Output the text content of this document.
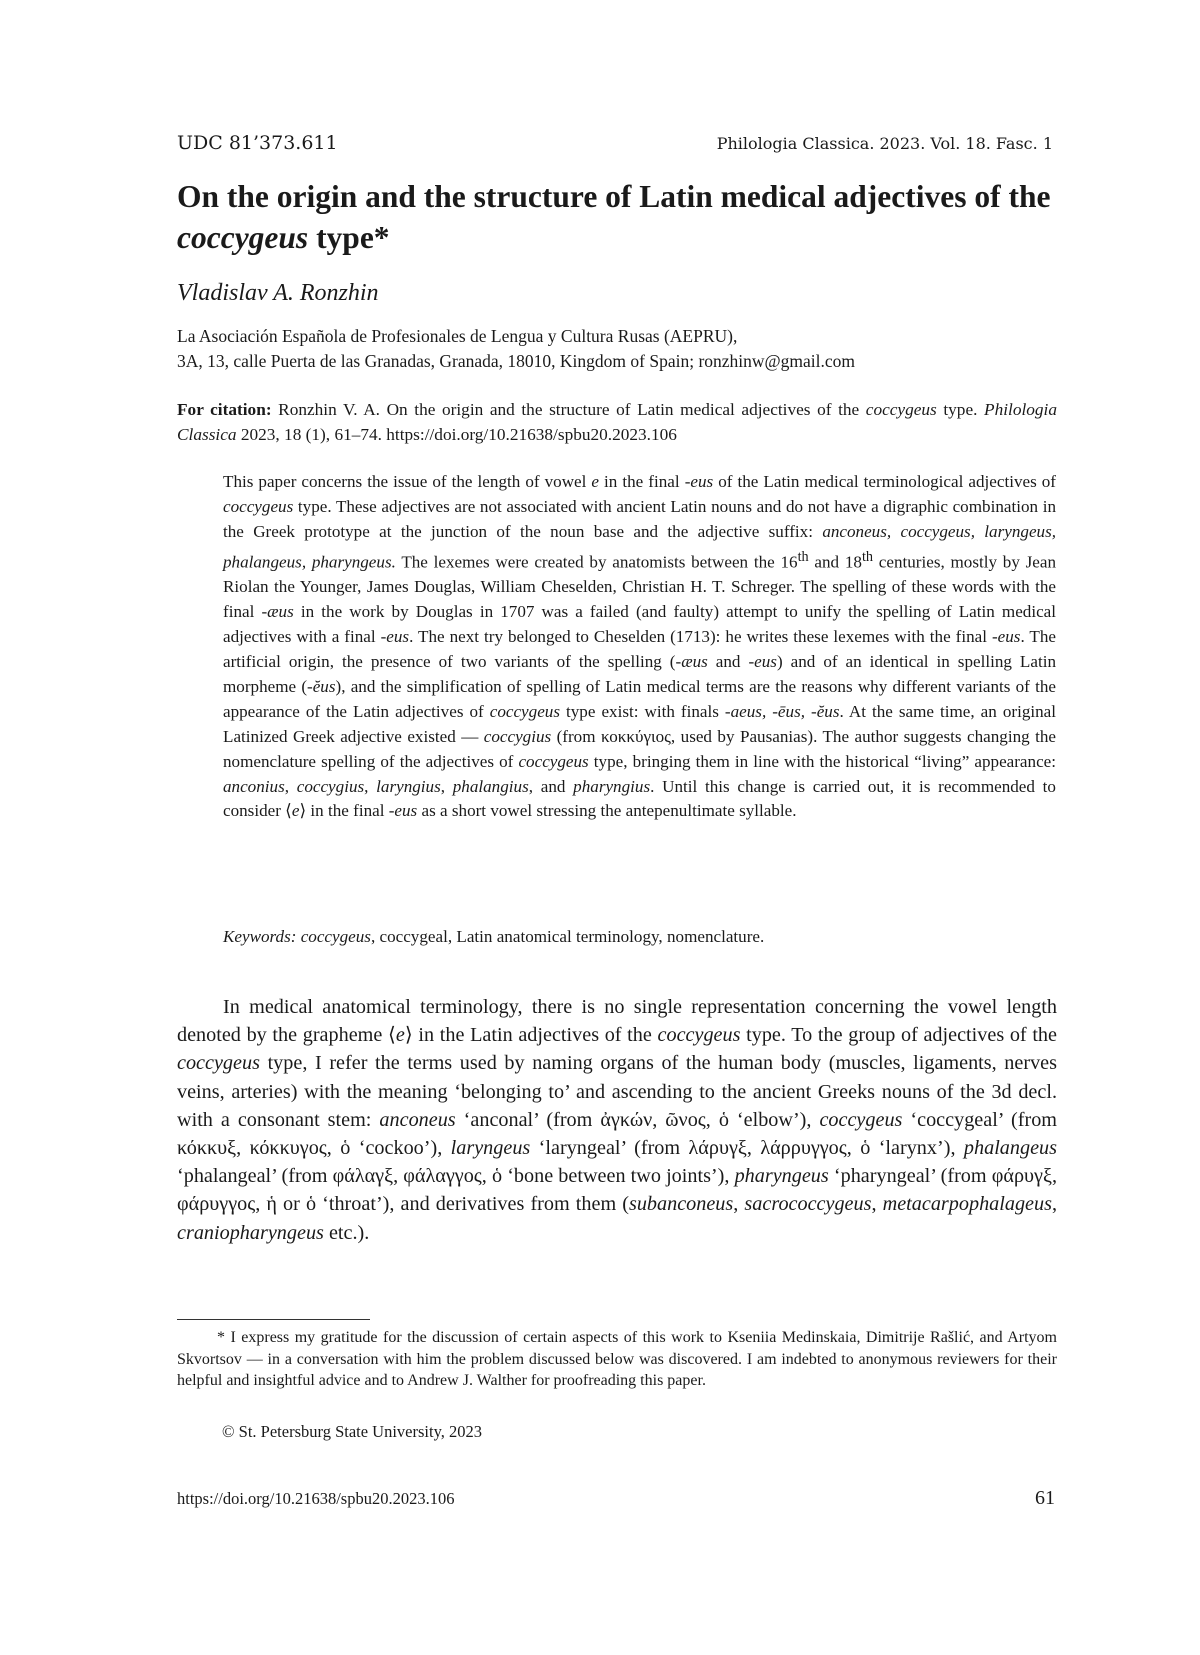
UDC 81’373.611	Philologia Classica. 2023. Vol. 18. Fasc. 1
On the origin and the structure of Latin medical adjectives of the coccygeus type*
Vladislav A. Ronzhin
La Asociación Española de Profesionales de Lengua y Cultura Rusas (AEPRU),
3A, 13, calle Puerta de las Granadas, Granada, 18010, Kingdom of Spain; ronzhinw@gmail.com
For citation: Ronzhin V. A. On the origin and the structure of Latin medical adjectives of the coccygeus type. Philologia Classica 2023, 18 (1), 61–74. https://doi.org/10.21638/spbu20.2023.106

This paper concerns the issue of the length of vowel e in the final -eus of the Latin medical terminological adjectives of coccygeus type. These adjectives are not associated with ancient Latin nouns and do not have a digraphic combination in the Greek prototype at the junction of the noun base and the adjective suffix: anconeus, coccygeus, laryngeus, phalangeus, pharyngeus. The lexemes were created by anatomists between the 16th and 18th centuries, mostly by Jean Riolan the Younger, James Douglas, William Cheselden, Christian H. T. Schreger. The spelling of these words with the final -æus in the work by Douglas in 1707 was a failed (and faulty) attempt to unify the spelling of Latin medical adjectives with a final -eus. The next try belonged to Cheselden (1713): he writes these lexemes with the final -eus. The artificial origin, the presence of two variants of the spelling (-æus and -eus) and of an identical in spelling Latin morpheme (-ĕus), and the simplification of spelling of Latin medical terms are the reasons why different variants of the appearance of the Latin adjectives of coccygeus type exist: with finals -aeus, -ēus, -ĕus. At the same time, an original Latinized Greek adjective existed — coccygius (from κοκκύγιος, used by Pausanias). The author suggests changing the nomenclature spelling of the adjectives of coccygeus type, bringing them in line with the historical “living” appearance: anconius, coccygius, laryngius, phalangius, and pharyngius. Until this change is carried out, it is recommended to consider ⟨e⟩ in the final -eus as a short vowel stressing the antepenultimate syllable.

Keywords: coccygeus, coccygeal, Latin anatomical terminology, nomenclature.

In medical anatomical terminology, there is no single representation concerning the vowel length denoted by the grapheme ⟨e⟩ in the Latin adjectives of the coccygeus type. To the group of adjectives of the coccygeus type, I refer the terms used by naming organs of the human body (muscles, ligaments, nerves veins, arteries) with the meaning ‘belonging to’ and ascending to the ancient Greeks nouns of the 3d decl. with a consonant stem: anconeus ‘anconal’ (from ἀγκών, ῶνος, ὁ ‘elbow’), coccygeus ‘coccygeal’ (from κόκκυξ, κόκκυγος, ὁ ‘cockoo’), laryngeus ‘laryngeal’ (from λάρυγξ, λάρρυγγος, ὁ ‘larynx’), phalangeus ‘phalangeal’ (from φάλαγξ, φάλαγγος, ὁ ‘bone between two joints’), pharyngeus ‘pharyngeal’ (from φάρυγξ, φάρυγγος, ἡ or ὁ ‘throat’), and derivatives from them (subanconeus, sacrococcygeus, metacarpophalageus, craniopharyngeus etc.).

* I express my gratitude for the discussion of certain aspects of this work to Kseniia Medinskaia, Dimitrije Rašlić, and Artyom Skvortsov — in a conversation with him the problem discussed below was discovered. I am indebted to anonymous reviewers for their helpful and insightful advice and to Andrew J. Walther for proofreading this paper.

© St. Petersburg State University, 2023
https://doi.org/10.21638/spbu20.2023.106	61
